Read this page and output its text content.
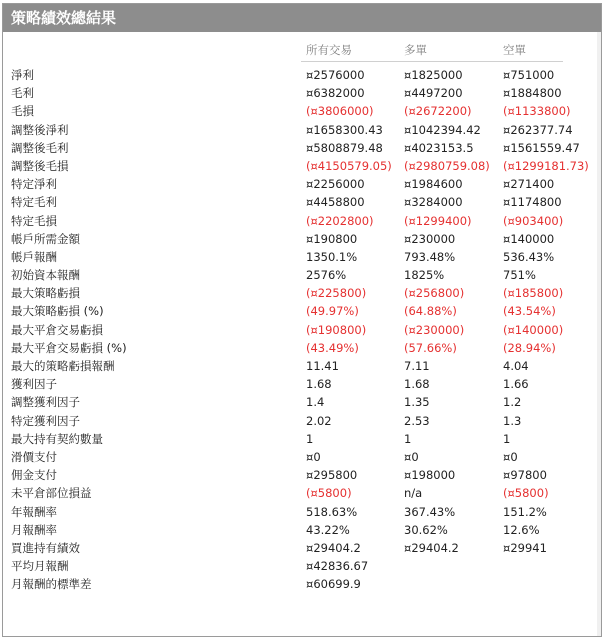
策略績效總結果
所有交易	多單	空單
淨利	¤2576000	¤1825000	¤751000
毛利	¤6382000	¤4497200	¤1884800
毛損	(¤3806000)	(¤2672200)	(¤1133800)
調整後淨利	¤1658300.43 ¤1042394.42 ¤262377.74
調整後毛利	¤5808879.48 ¤4023153.5	¤1561559.47
調整後毛損	(¤4150579.05) (¤2980759.08) (¤1299181.73)
特定淨利	¤2256000	¤1984600	¤271400
特定毛利	¤4458800	¤3284000	¤1174800
特定毛損	(¤2202800)	(¤1299400)	(¤903400)
帳戶所需金額	¤190800	¤230000	¤140000
帳戶報酬	1350.1%	793.48%	536.43%
初始資本報酬	2576%	1825%	751%
最大策略虧損	(¤225800)	(¤256800)	(¤185800)
最大策略虧損 (%)	(49.97%)	(64.88%)	(43.54%)
最大平倉交易虧損	(¤190800)	(¤230000)	(¤140000)
最大平倉交易虧損 (%)	(43.49%)	(57.66%)	(28.94%)
最大的策略虧損報酬	11.41	7.11	4.04
獲利因子	1.68	1.68	1.66
調整獲利因子	1.4	1.35	1.2
特定獲利因子	2.02	2.53	1.3
最大持有契約數量	1	1	1
滑價支付	¤0	¤0	¤0
佣金支付	¤295800	¤198000	¤97800
未平倉部位損益	(¤5800)	n/a	(¤5800)
年報酬率	518.63%	367.43%	151.2%
月報酬率	43.22%	30.62%	12.6%
買進持有績效	¤29404.2	¤29404.2	¤29941
平均月報酬	¤42836.67
月報酬的標準差	¤60699.9
